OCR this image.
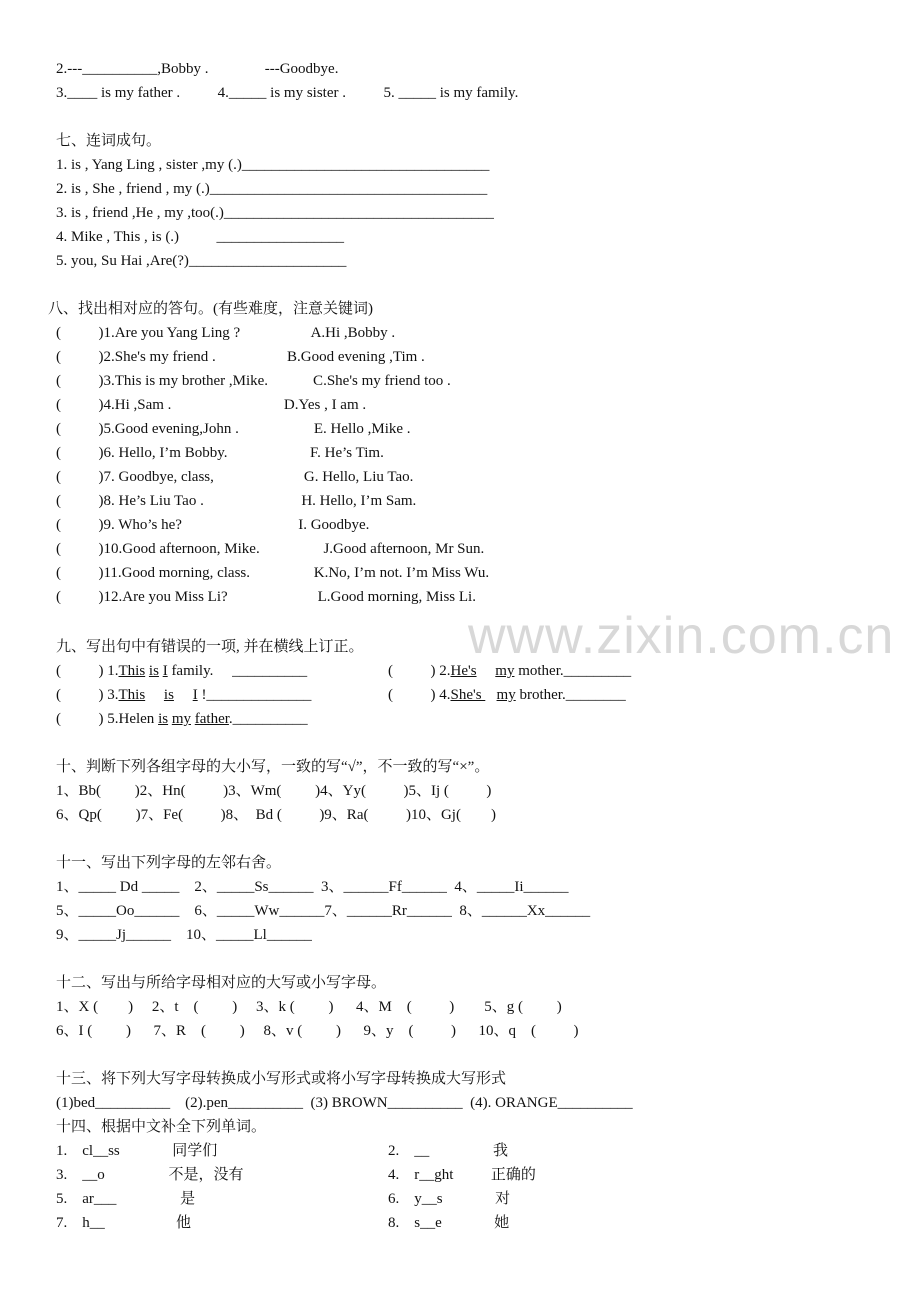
www.zixin.com.cn
2.---__________,Bobby .               ---Goodbye.
3.____ is my father .          4._____ is my sister .          5. _____ is my family.
七、连词成句。
1. is , Yang Ling , sister ,my (.)_________________________________
2. is , She , friend , my (.)_____________________________________
3. is , friend ,He , my ,too(.)____________________________________
4. Mike , This , is (.)          _________________
5. you, Su Hai ,Are(?)_____________________
八、找出相对应的答句。(有些难度，注意关键词)
(          )1.Are you Yang Ling ?                   A.Hi ,Bobby .
(          )2.She's my friend .                   B.Good evening ,Tim .
(          )3.This is my brother ,Mike.            C.She's my friend too .
(          )4.Hi ,Sam .                              D.Yes , I am .
(          )5.Good evening,John .                    E. Hello ,Mike .
(          )6. Hello, I’m Bobby.                      F. He’s Tim.
(          )7. Goodbye, class,                        G. Hello, Liu Tao.
(          )8. He’s Liu Tao .                          H. Hello, I’m Sam.
(          )9. Who’s he?                               I. Goodbye.
(          )10.Good afternoon, Mike.                 J.Good afternoon, Mr Sun.
(          )11.Good morning, class.                 K.No, I’m not. I’m Miss Wu.
(          )12.Are you Miss Li?                        L.Good morning, Miss Li.
九、写出句中有错误的一项, 并在横线上订正。
十、判断下列各组字母的大小写，一致的写“√”，不一致的写“×”。
1、Bb(         )2、Hn(          )3、Wm(         )4、Yy(          )5、Ij (          )
6、Qp(         )7、Fe(          )8、  Bd (          )9、Ra(          )10、Gj(        )
十一、写出下列字母的左邻右舍。
1、_____ Dd _____    2、_____Ss______  3、______Ff______  4、_____Ii______
5、_____Oo______    6、_____Ww______7、______Rr______  8、______Xx______
9、_____Jj______    10、_____Ll______
十二、写出与所给字母相对应的大写或小写字母。
1、X (        )     2、t    (         )     3、k (         )      4、M    (          )        5、g (         )
6、I (         )      7、R    (         )     8、v (         )      9、y    (          )      10、q    (          )
十三、将下列大写字母转换成小写形式或将小写字母转换成大写形式
(1)bed__________    (2).pen__________  (3) BROWN__________  (4). ORANGE__________
十四、根据中文补全下列单词。
1.    cl__ss              同学们	2.    __                 我
3.    __o                 不是，没有	4.    r__ght          正确的
5.    ar___                 是	6.    y__s              对
7.    h__                   他	8.    s__e              她
(          ) 1.This is I family.     __________	(          ) 2.He's my mother._________
(          ) 3.This is I !______________	(          ) 4.She's    my brother.________
(          ) 5.Helen is my father.__________
